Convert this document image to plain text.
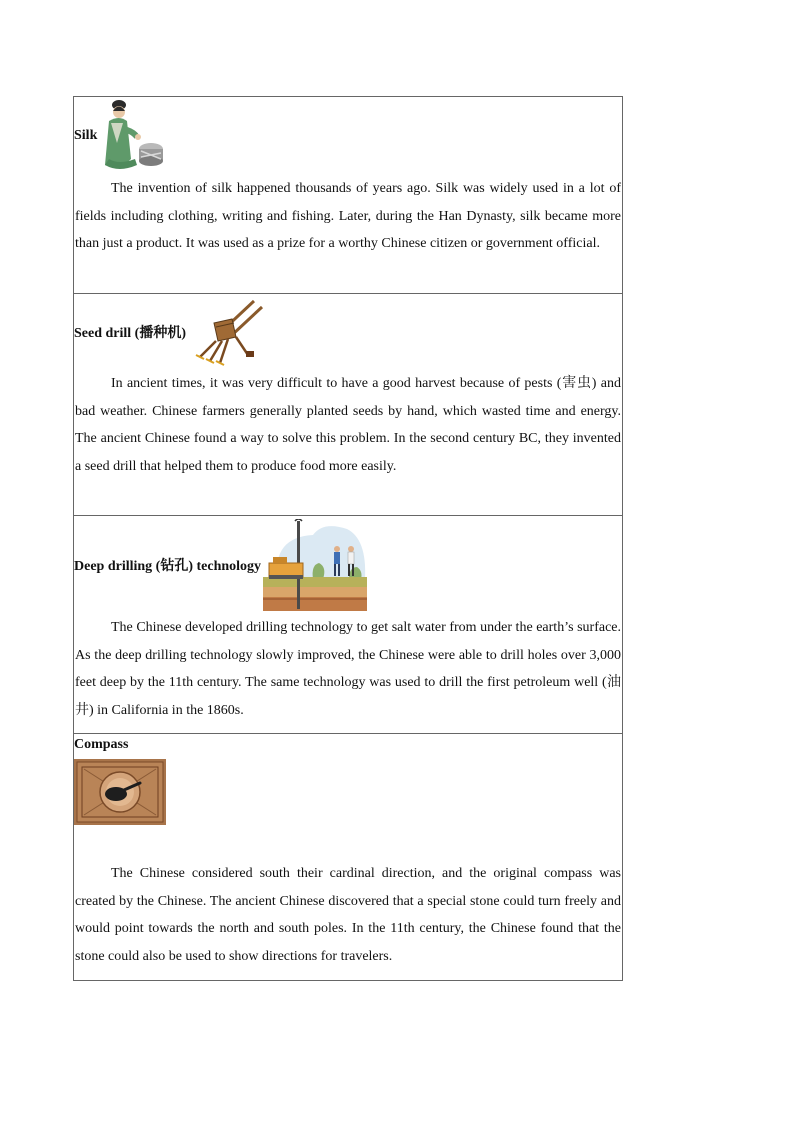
Silk

The invention of silk happened thousands of years ago. Silk was widely used in a lot of fields including clothing, writing and fishing. Later, during the Han Dynasty, silk became more than just a product. It was used as a prize for a worthy Chinese citizen or government official.

Seed drill (播种机)

In ancient times, it was very difficult to have a good harvest because of pests (害虫) and bad weather. Chinese farmers generally planted seeds by hand, which wasted time and energy. The ancient Chinese found a way to solve this problem. In the second century BC, they invented a seed drill that helped them to produce food more easily.

Deep drilling (钻孔) technology

The Chinese developed drilling technology to get salt water from under the earth’s surface. As the deep drilling technology slowly improved, the Chinese were able to drill holes over 3,000 feet deep by the 11th century. The same technology was used to drill the first petroleum well (油井) in California in the 1860s.

Compass

The Chinese considered south their cardinal direction, and the original compass was created by the Chinese. The ancient Chinese discovered that a special stone could turn freely and would point towards the north and south poles. In the 11th century, the Chinese found that the stone could also be used to show directions for travelers.
